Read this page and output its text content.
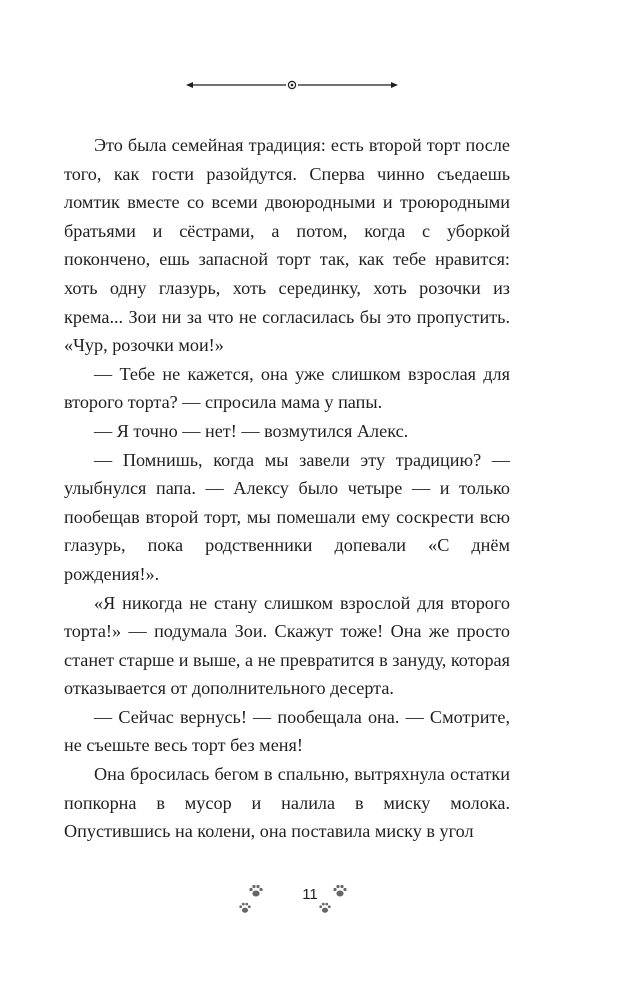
Это была семейная традиция: есть второй торт после того, как гости разойдутся. Сперва чинно съедаешь ломтик вместе со всеми двоюродными и троюродными братьями и сёстрами, а потом, когда с уборкой покончено, ешь запасной торт так, как тебе нравится: хоть одну глазурь, хоть серединку, хоть розочки из крема... Зои ни за что не согласилась бы это пропустить. «Чур, розочки мои!»

— Тебе не кажется, она уже слишком взрослая для второго торта? — спросила мама у папы.

— Я точно — нет! — возмутился Алекс.

— Помнишь, когда мы завели эту традицию? — улыбнулся папа. — Алексу было четыре — и только пообещав второй торт, мы помешали ему соскрести всю глазурь, пока родственники допевали «С днём рождения!».

«Я никогда не стану слишком взрослой для второго торта!» — подумала Зои. Скажут тоже! Она же просто станет старше и выше, а не превратится в зануду, которая отказывается от дополнительного десерта.

— Сейчас вернусь! — пообещала она. — Смотрите, не съешьте весь торт без меня!

Она бросилась бегом в спальню, вытряхнула остатки попкорна в мусор и налила в миску молока. Опустившись на колени, она поставила миску в угол

11
